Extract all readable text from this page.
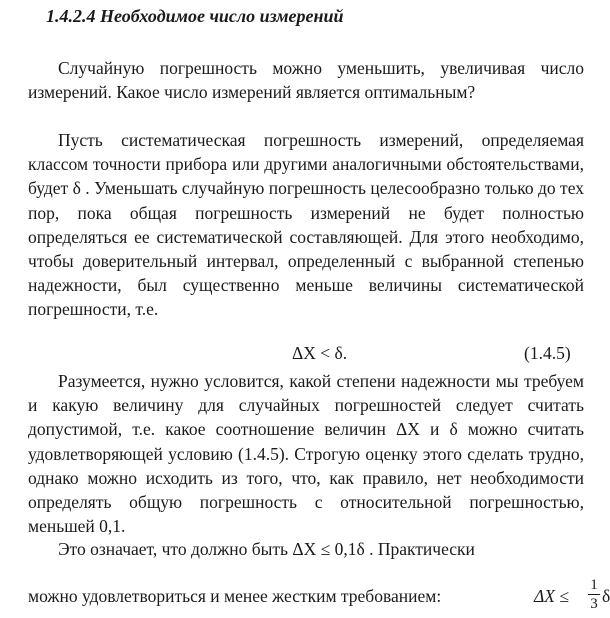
1.4.2.4 Необходимое число измерений
Случайную погрешность можно уменьшить, увеличивая число измерений. Какое число измерений является оптимальным?
Пусть систематическая погрешность измерений, определяемая классом точности прибора или другими аналогичными обстоятельствами, будет δ . Уменьшать случайную погрешность целесообразно только до тех пор, пока общая погрешность измерений не будет полностью определяться ее систематической составляющей. Для этого необходимо, чтобы доверительный интервал, определенный с выбранной степенью надежности, был существенно меньше величины систематической погрешности, т.е.
ΔX < δ.	(1.4.5)
Разумеется, нужно условится, какой степени надежности мы требуем и какую величину для случайных погрешностей следует считать допустимой, т.е. какое соотношение величин ΔX и δ можно считать удовлетворяющей условию (1.4.5). Строгую оценку этого сделать трудно, однако можно исходить из того, что, как правило, нет необходимости определять общую погрешность с относительной погрешностью, меньшей 0,1.
Это означает, что должно быть ΔX ≤ 0,1δ . Практически
можно удовлетвориться и менее жестким требованием:	$\Delta X \le \frac{1}{3}$ δ
